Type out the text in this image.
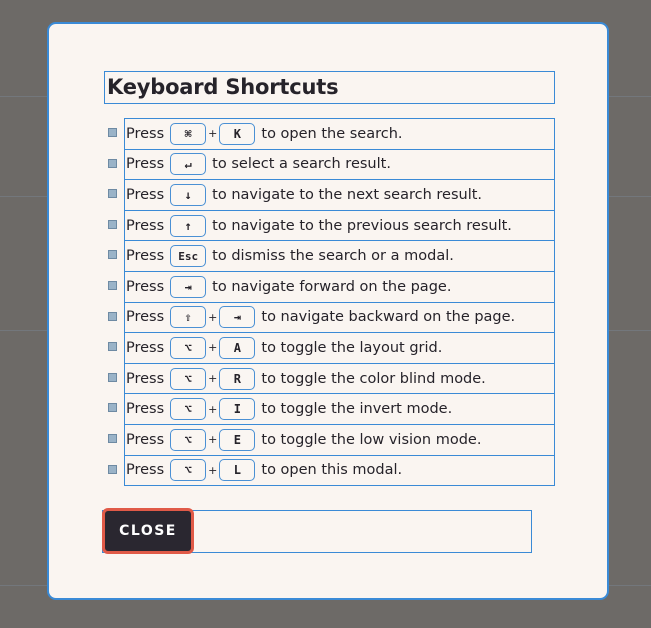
Keyboard Shortcuts
Press	⌘	+	K	to open the search.
Press	↵	to select a search result.
Press	↓	to navigate to the next search result.
Press	↑	to navigate to the previous search result.
Press	Esc to dismiss the search or a modal.
Press	⇥	to navigate forward on the page.
Press	⇧	+	⇥	to navigate backward on the page.
Press	⌥	+	A	to toggle the layout grid.
Press	⌥	+	R	to toggle the color blind mode.
Press	⌥	+	I	to toggle the invert mode.
Press	⌥	+	E	to toggle the low vision mode.
Press	⌥	+	L	to open this modal.
CLOSE
